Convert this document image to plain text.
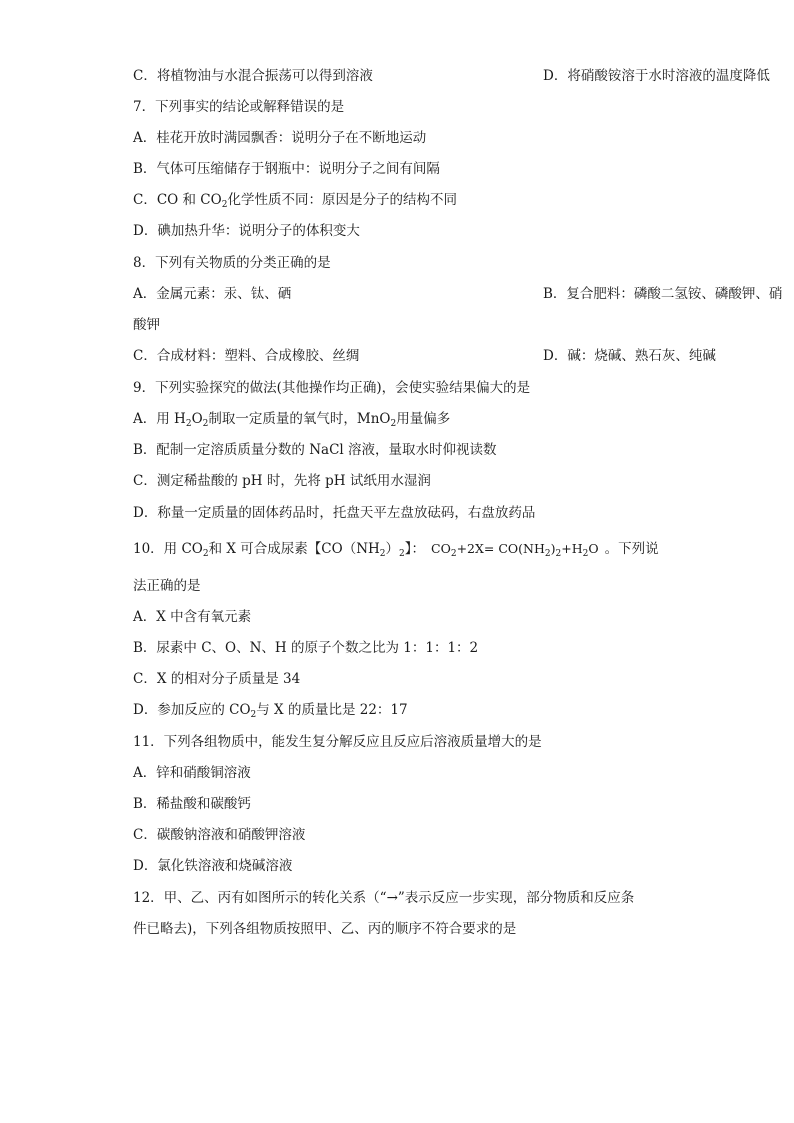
C．将植物油与水混合振荡可以得到溶液	D．将硝酸铵溶于水时溶液的温度降低
7．下列事实的结论或解释错误的是
A．桂花开放时满园飘香：说明分子在不断地运动
B．气体可压缩储存于钢瓶中：说明分子之间有间隔
C．CO 和 $CO_2$化学性质不同：原因是分子的结构不同
D．碘加热升华：说明分子的体积变大
8．下列有关物质的分类正确的是
A．金属元素：汞、钛、硒	B．复合肥料：磷酸二氢铵、磷酸钾、硝
酸钾
C．合成材料：塑料、合成橡胶、丝绸	D．碱：烧碱、熟石灰、纯碱
9．下列实验探究的做法(其他操作均正确)，会使实验结果偏大的是
A．用 $H_2O_2$制取一定质量的氧气时，MnO$_2$用量偏多
B．配制一定溶质质量分数的 NaCl 溶液，量取水时仰视读数
C．测定稀盐酸的 pH 时，先将 pH 试纸用水湿润
D．称量一定质量的固体药品时，托盘天平左盘放砝码，右盘放药品
10．用 $CO_2$和 X 可合成尿素【$CO(NH_2)_2$】： $CO_2+2X= CO(NH_2)_2+H_2O$ 。下列说
法正确的是
A．X 中含有氧元素
B．尿素中 C、O、N、H 的原子个数之比为 1：1：1：2
C．X 的相对分子质量是 34
D．参加反应的 $CO_2$与 X 的质量比是 22：17
11．下列各组物质中，能发生复分解反应且反应后溶液质量增大的是
A．锌和硝酸铜溶液
B．稀盐酸和碳酸钙
C．碳酸钠溶液和硝酸钾溶液
D．氯化铁溶液和烧碱溶液
12．甲、乙、丙有如图所示的转化关系（“→”表示反应一步实现，部分物质和反应条
件已略去)，下列各组物质按照甲、乙、丙的顺序不符合要求的是
